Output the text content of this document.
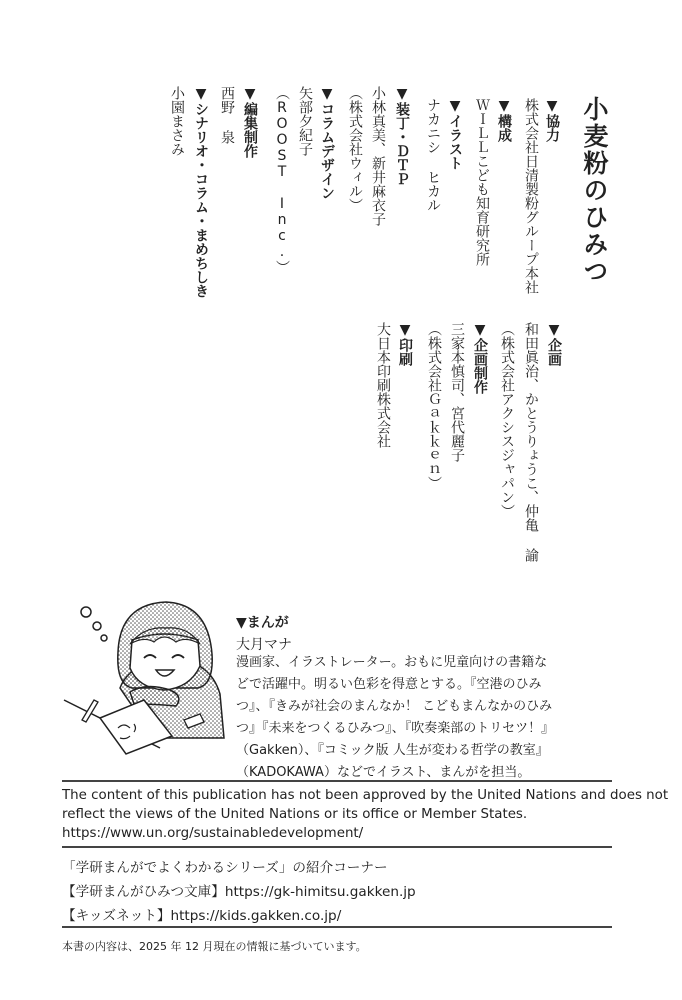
小麦粉のひみつ
▼協力
株式会社日清製粉グループ本社
▼構成
ＷＩＬＬこども知育研究所
▼イラスト
ナカニシ ヒカル
▼装丁・ＤＴＰ
小林真美、新井麻衣子
（株式会社ウィル）
▼コラムデザイン
矢部夕紀子
（ROOST Inc.）
▼編集制作
西野 泉
▼シナリオ・コラム・まめちしき
小園まさみ
▼企画
和田眞治、かとうりょうこ、仲亀 諭
（株式会社アクシスジャパン）
▼企画制作
三家本慎司、宮代麗子
（株式会社Ｇａｋｋｅｎ）
▼印刷
大日本印刷株式会社
▼まんが
大月マナ
漫画家、イラストレーター。おもに児童向けの書籍な
どで活躍中。明るい色彩を得意とする。『空港のひみ
つ』、『きみが社会のまんなか！ こどもまんなかのひみ
つ』『未来をつくるひみつ』、『吹奏楽部のトリセツ！』
（Gakken）、『コミック版 人生が変わる哲学の教室』
（KADOKAWA）などでイラスト、まんがを担当。
The content of this publication has not been approved by the United Nations and does not
reflect the views of the United Nations or its office or Member States.
https://www.un.org/sustainabledevelopment/
「学研まんがでよくわかるシリーズ」の紹介コーナー
【学研まんがひみつ文庫】https://gk-himitsu.gakken.jp
【キッズネット】https://kids.gakken.co.jp/
本書の内容は、2025 年 12 月現在の情報に基づいています。
